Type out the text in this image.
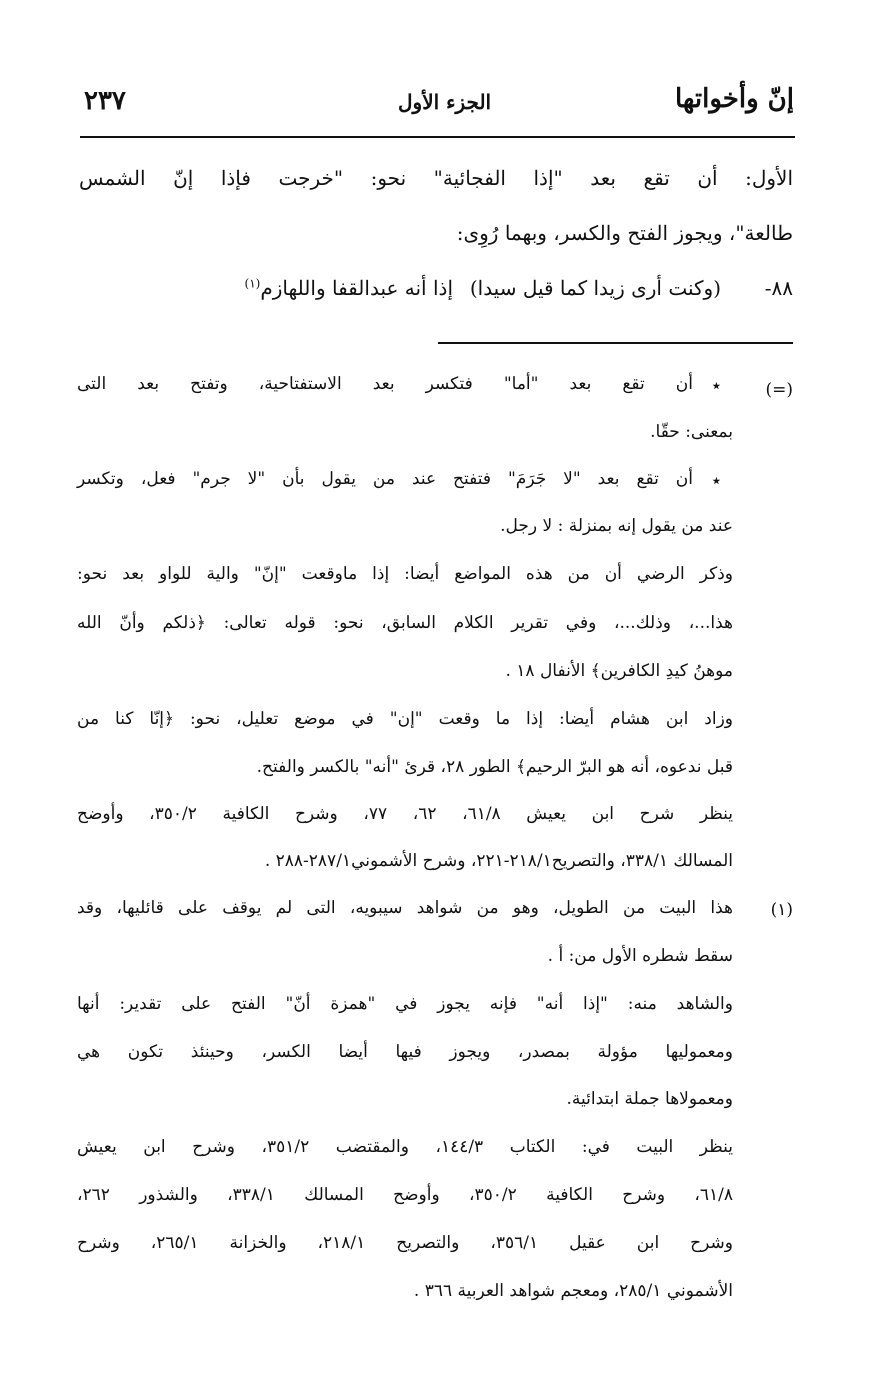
إنّ وأخواتها
الجزء الأول
٢٣٧
الأول: أن تقع بعد "إذا الفجائية" نحو: "خرجت فإذا إنّ الشمس
طالعة"، ويجوز الفتح والكسر، وبهما رُوِى:
٨٨-
(وكنت أرى زيدا كما قيل سيدا)
إذا أنه عبدالقفا واللهازم$^{(١)}$
(=)
٭
أن تقع بعد "أما" فتكسر بعد الاستفتاحية، وتفتح بعد التى
بمعنى: حقّا.
٭
أن تقع بعد "لا جَرَمَ" فتفتح عند من يقول بأن "لا جرم" فعل، وتكسر
عند من يقول إنه بمنزلة : لا رجل.
وذكر الرضي أن من هذه المواضع أيضا: إذا ماوقعت "إنّ" والية للواو بعد نحو:
هذا...، وذلك...، وفي تقرير الكلام السابق، نحو: قوله تعالى: ﴿ذلكم وأنّ الله
موهنُ كيدِ الكافرين﴾ الأنفال ١٨ .
وزاد ابن هشام أيضا: إذا ما وقعت "إن" في موضع تعليل، نحو: ﴿إنّا كنا من
قبل ندعوه، أنه هو البرّ الرحيم﴾ الطور ٢٨، قرئ "أنه" بالكسر والفتح.
ينظر شرح ابن يعيش ٦١/٨، ٦٢، ٧٧، وشرح الكافية ٣٥٠/٢، وأوضح
المسالك ٣٣٨/١، والتصريح٢١٨/١-٢٢١، وشرح الأشموني٢٨٧/١-٢٨٨ .
(١)
هذا البيت من الطويل، وهو من شواهد سيبويه، التى لم يوقف على قائليها، وقد
سقط شطره الأول من: أ .
والشاهد منه: "إذا أنه" فإنه يجوز في "همزة أنّ" الفتح على تقدير: أنها
ومعموليها مؤولة بمصدر، ويجوز فيها أيضا الكسر، وحينئذ تكون هي
ومعمولاها جملة ابتدائية.
ينظر البيت في: الكتاب ١٤٤/٣، والمقتضب ٣٥١/٢، وشرح ابن يعيش
٦١/٨، وشرح الكافية ٣٥٠/٢، وأوضح المسالك ٣٣٨/١، والشذور ٢٦٢،
وشرح ابن عقيل ٣٥٦/١، والتصريح ٢١٨/١، والخزانة ٢٦٥/١، وشرح
الأشموني ٢٨٥/١، ومعجم شواهد العربية ٣٦٦ .
